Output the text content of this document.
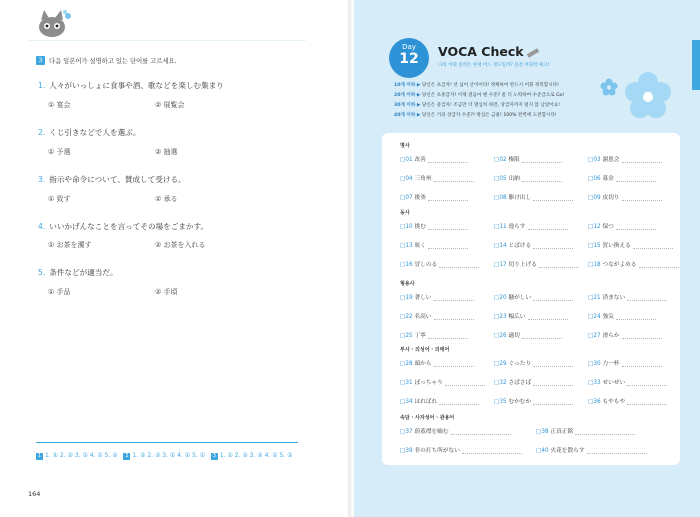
3	다음 일본어가 설명하고 있는 단어를 고르세요.
1. 人々がいっしょに食事や酒、歌などを楽しむ集まり
① 宴会	② 展覧会
2. くじ引きなどで人を選ぶ。
① 予選	② 抽選
3. 指示や命令について、賛成して受ける。
① 致す	② 承る
4. いいかげんなことを言ってその場をごまかす。
① お茶を濁す	② お茶を入れる
5. 条件などが適当だ。
① 手品	② 手頃
1 1. ① 2. ② 3. ① 4. ① 5. ② 2 1. ② 2. ② 3. ① 4. ① 5. ① 3 1. ① 2. ② 3. ② 4. ① 5. ②
164
Day
12	VOCA Check
나의 어휘 실력은 현재 어느 정도일까? 실전 어휘력 체크!
10개 이하 ▶ 당신은 초급자! 선 넘어 산이어라! 정체하여 반드시 어휘 정복합시다!
20개 이하 ▶ 당신은 초중급자! 이제 걸음마 뗀 수준? 좀 더 노력하여 수준급으로 Go!
30개 이하 ▶ 당신은 중급자! 조금만 더 열심히 하면, 상급자까지 멀지 않 남았어요!
40개 이하 ▶ 당신은 거의 상급자 수준?! 방심은 금물! 100% 완벽에 도전합시다!
명사
□01 改善	□02 権限	□03 謝恩会
□04 三角州	□05 出納	□06 募金
□07 後釜	□08 駆け出し	□09 皮切り
동사
□10 挑む	□11 逸らす	□12 保つ
□13 呟く	□14 とばける	□15 買い換える
□16 冒しのる	□17 切り上げる	□18 つながよめる
형용사
□19 著しい	□20 騒がしい	□21 済まない
□22 名高い	□23 幅広い	□24 強気
□25 丁寧	□26 適切	□27 滑らか
부사 · 의성어 · 의태어
□28 頭から	□29 ぐったり	□30 力一杯
□31 ぼっちゃり	□32 さばさば	□33 せいぜい
□34 はればれ	□35 むかむか	□36 もやもや
속담 · 사자성어 · 관용어
□37 蔚蓋襟を嚙む	□38 正真正銘
□39 非の打ち所がない	□40 火花を散らす
